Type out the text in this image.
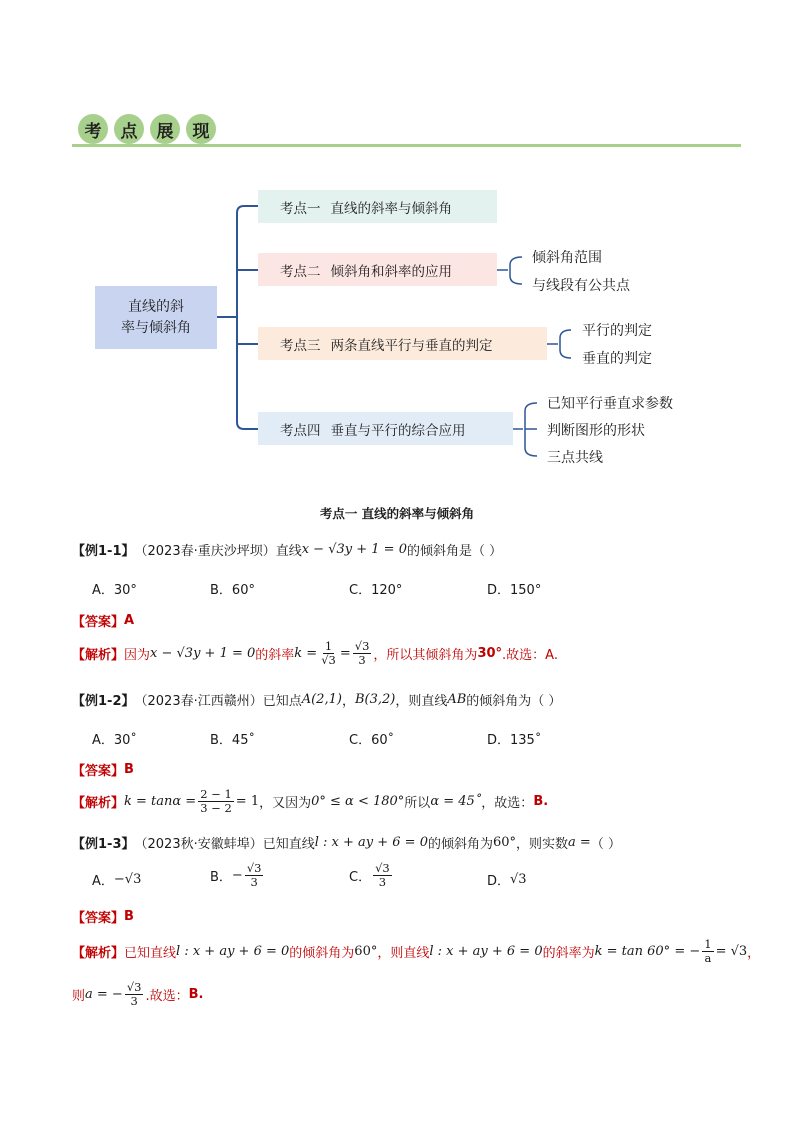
考 点 展 现
直线的斜
率与倾斜角
考点一 直线的斜率与倾斜角
考点二 倾斜角和斜率的应用
考点三 两条直线平行与垂直的判定
考点四 垂直与平行的综合应用
倾斜角范围
与线段有公共点
平行的判定
垂直的判定
已知平行垂直求参数
判断图形的形状
三点共线
考点一 直线的斜率与倾斜角
【例1-1】 （2023春·重庆沙坪坝）直线 x − √3y + 1 = 0 的倾斜角是（ ）
A．30°	B．60°	C．120°	D．150°
【答案】 A
【解析】 因为 x − √3y + 1 = 0 的斜率 $k = \frac{1}{√3} = \frac{√3}{3}$ ，所以其倾斜角为 30° .故选：A.
【例1-2】 （2023春·江西赣州）已知点 A(2,1) ， B(3,2) ，则直线 AB 的倾斜角为（ ）
A．30˚	B．45˚	C．60˚	D．135˚
【答案】 B
【解析】 $k = \tan\alpha = \frac{2 - 1}{3 - 2} = 1$ ，又因为 0° ≤ α < 180° 所以 α = 45˚ ，故选： B.
【例1-3】 （2023秋·安徽蚌埠）已知直线 l : x + ay + 6 = 0 的倾斜角为 60° ，则实数 a = （ ）
A． −√3	B． − $\frac{√3}{3}$	C． $\frac{√3}{3}$	D． √3
【答案】 B
【解析】 已知直线 l : x + ay + 6 = 0 的倾斜角为 60° ，则直线 l : x + ay + 6 = 0 的斜率为 k = tan 60° = − $\frac{1}{a} = √3$ ，
则 a = − $\frac{√3}{3}$ .故选： B.
